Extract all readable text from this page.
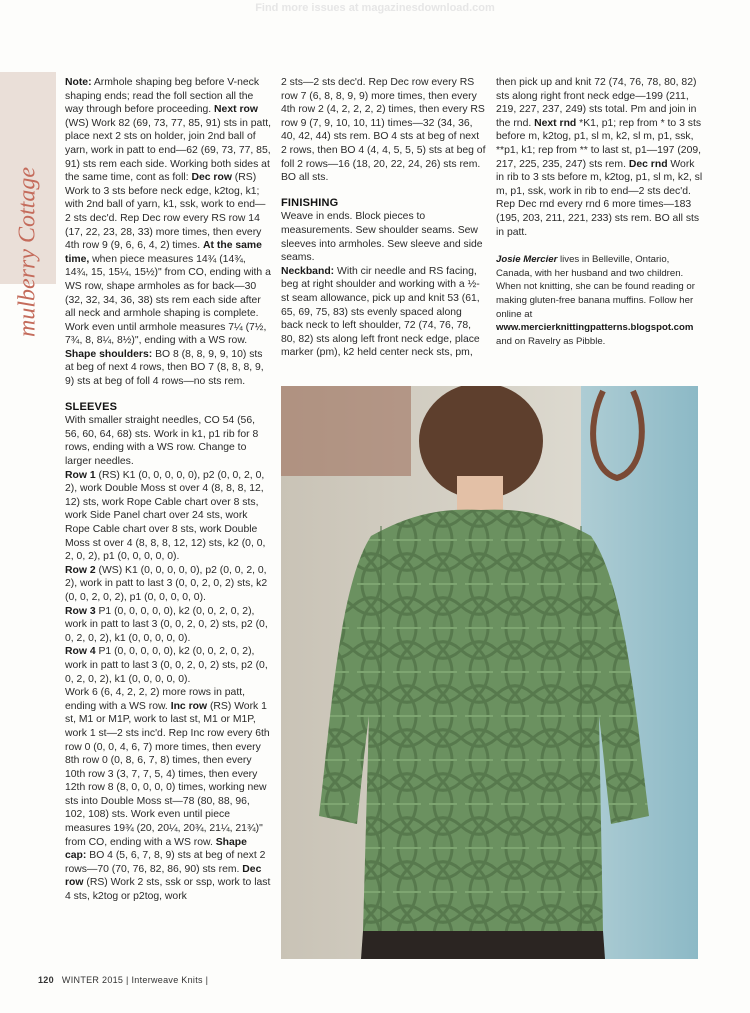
Find more issues at magazinesdownload.com
mulberry Cottage

Note: Armhole shaping beg before V-neck shaping ends; read the foll section all the way through before proceeding. Next row (WS) Work 82 (69, 73, 77, 85, 91) sts in patt, place next 2 sts on holder, join 2nd ball of yarn, work in patt to end—62 (69, 73, 77, 85, 91) sts rem each side. Working both sides at the same time, cont as foll: Dec row (RS) Work to 3 sts before neck edge, k2tog, k1; with 2nd ball of yarn, k1, ssk, work to end—2 sts dec'd. Rep Dec row every RS row 14 (17, 22, 23, 28, 33) more times, then every 4th row 9 (9, 6, 6, 4, 2) times. At the same time, when piece measures 14¾ (14¾, 14¾, 15, 15¼, 15½)" from CO, ending with a WS row, shape armholes as for back—30 (32, 32, 34, 36, 38) sts rem each side after all neck and armhole shaping is complete. Work even until armhole measures 7¼ (7½, 7¾, 8, 8¼, 8½)", ending with a WS row. Shape shoulders: BO 8 (8, 8, 9, 9, 10) sts at beg of next 4 rows, then BO 7 (8, 8, 8, 9, 9) sts at beg of foll 4 rows—no sts rem.

SLEEVES

With smaller straight needles, CO 54 (56, 56, 60, 64, 68) sts. Work in k1, p1 rib for 8 rows, ending with a WS row. Change to larger needles.

Row 1 (RS) K1 (0, 0, 0, 0, 0), p2 (0, 0, 2, 0, 2), work Double Moss st over 4 (8, 8, 8, 12, 12) sts, work Rope Cable chart over 8 sts, work Side Panel chart over 24 sts, work Rope Cable chart over 8 sts, work Double Moss st over 4 (8, 8, 8, 12, 12) sts, k2 (0, 0, 2, 0, 2), p1 (0, 0, 0, 0, 0).

Row 2 (WS) K1 (0, 0, 0, 0, 0), p2 (0, 0, 2, 0, 2), work in patt to last 3 (0, 0, 2, 0, 2) sts, k2 (0, 0, 2, 0, 2), p1 (0, 0, 0, 0, 0).

Row 3 P1 (0, 0, 0, 0, 0), k2 (0, 0, 2, 0, 2), work in patt to last 3 (0, 0, 2, 0, 2) sts, p2 (0, 0, 2, 0, 2), k1 (0, 0, 0, 0, 0).

Row 4 P1 (0, 0, 0, 0, 0), k2 (0, 0, 2, 0, 2), work in patt to last 3 (0, 0, 2, 0, 2) sts, p2 (0, 0, 2, 0, 2), k1 (0, 0, 0, 0, 0).

Work 6 (6, 4, 2, 2, 2) more rows in patt, ending with a WS row. Inc row (RS) Work 1 st, M1 or M1P, work to last st, M1 or M1P, work 1 st—2 sts inc'd. Rep Inc row every 6th row 0 (0, 0, 4, 6, 7) more times, then every 8th row 0 (0, 8, 6, 7, 8) times, then every 10th row 3 (3, 7, 7, 5, 4) times, then every 12th row 8 (8, 0, 0, 0, 0) times, working new sts into Double Moss st—78 (80, 88, 96, 102, 108) sts. Work even until piece measures 19¾ (20, 20¼, 20¾, 21¼, 21¾)" from CO, ending with a WS row. Shape cap: BO 4 (5, 6, 7, 8, 9) sts at beg of next 2 rows—70 (70, 76, 82, 86, 90) sts rem. Dec row (RS) Work 2 sts, ssk or ssp, work to last 4 sts, k2tog or p2tog, work

2 sts—2 sts dec'd. Rep Dec row every RS row 7 (6, 8, 8, 9, 9) more times, then every 4th row 2 (4, 2, 2, 2, 2) times, then every RS row 9 (7, 9, 10, 10, 11) times—32 (34, 36, 40, 42, 44) sts rem. BO 4 sts at beg of next 2 rows, then BO 4 (4, 4, 5, 5, 5) sts at beg of foll 2 rows—16 (18, 20, 22, 24, 26) sts rem. BO all sts.

FINISHING

Weave in ends. Block pieces to measurements. Sew shoulder seams. Sew sleeves into armholes. Sew sleeve and side seams.

Neckband: With cir needle and RS facing, beg at right shoulder and working with a ½-st seam allowance, pick up and knit 53 (61, 65, 69, 75, 83) sts evenly spaced along back neck to left shoulder, 72 (74, 76, 78, 80, 82) sts along left front neck edge, place marker (pm), k2 held center neck sts, pm,

then pick up and knit 72 (74, 76, 78, 80, 82) sts along right front neck edge—199 (211, 219, 227, 237, 249) sts total. Pm and join in the rnd. Next rnd *K1, p1; rep from * to 3 sts before m, k2tog, p1, sl m, k2, sl m, p1, ssk, **p1, k1; rep from ** to last st, p1—197 (209, 217, 225, 235, 247) sts rem. Dec rnd Work in rib to 3 sts before m, k2tog, p1, sl m, k2, sl m, p1, ssk, work in rib to end—2 sts dec'd. Rep Dec rnd every rnd 6 more times—183 (195, 203, 211, 221, 233) sts rem. BO all sts in patt.

Josie Mercier lives in Belleville, Ontario, Canada, with her husband and two children. When not knitting, she can be found reading or making gluten-free banana muffins. Follow her online at www.mercierknittingpatterns.blogspot.com and on Ravelry as Pibble.

120 WINTER 2015 | Interweave Knits |
